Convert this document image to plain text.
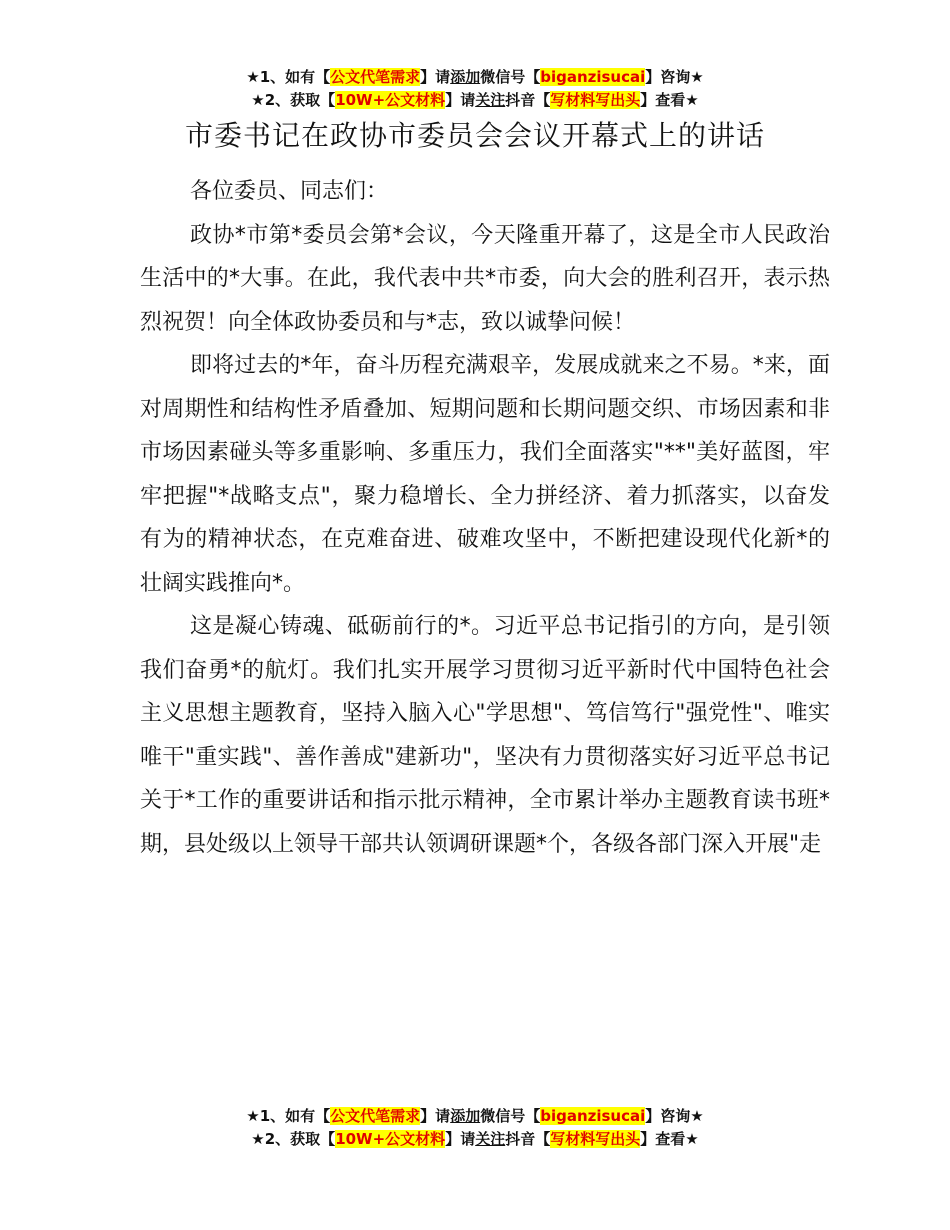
★1、如有【公文代笔需求】请添加微信号【biganzisucai】咨询★
★2、获取【10W+公文材料】请关注抖音【写材料写出头】查看★
市委书记在政协市委员会会议开幕式上的讲话

各位委员、同志们：

政协*市第*委员会第*会议，今天隆重开幕了，这是全市人民政治生活中的*大事。在此，我代表中共*市委，向大会的胜利召开，表示热烈祝贺！向全体政协委员和与*志，致以诚挚问候！

即将过去的*年，奋斗历程充满艰辛，发展成就来之不易。*来，面对周期性和结构性矛盾叠加、短期问题和长期问题交织、市场因素和非市场因素碰头等多重影响、多重压力，我们全面落实"**"美好蓝图，牢牢把握"*战略支点"，聚力稳增长、全力拼经济、着力抓落实，以奋发有为的精神状态，在克难奋进、破难攻坚中，不断把建设现代化新*的壮阔实践推向*。

这是凝心铸魂、砥砺前行的*。习近平总书记指引的方向，是引领我们奋勇*的航灯。我们扎实开展学习贯彻习近平新时代中国特色社会主义思想主题教育，坚持入脑入心"学思想"、笃信笃行"强党性"、唯实唯干"重实践"、善作善成"建新功"，坚决有力贯彻落实好习近平总书记关于*工作的重要讲话和指示批示精神，全市累计举办主题教育读书班*期，县处级以上领导干部共认领调研课题*个，各级各部门深入开展"走

★1、如有【公文代笔需求】请添加微信号【biganzisucai】咨询★
★2、获取【10W+公文材料】请关注抖音【写材料写出头】查看★
